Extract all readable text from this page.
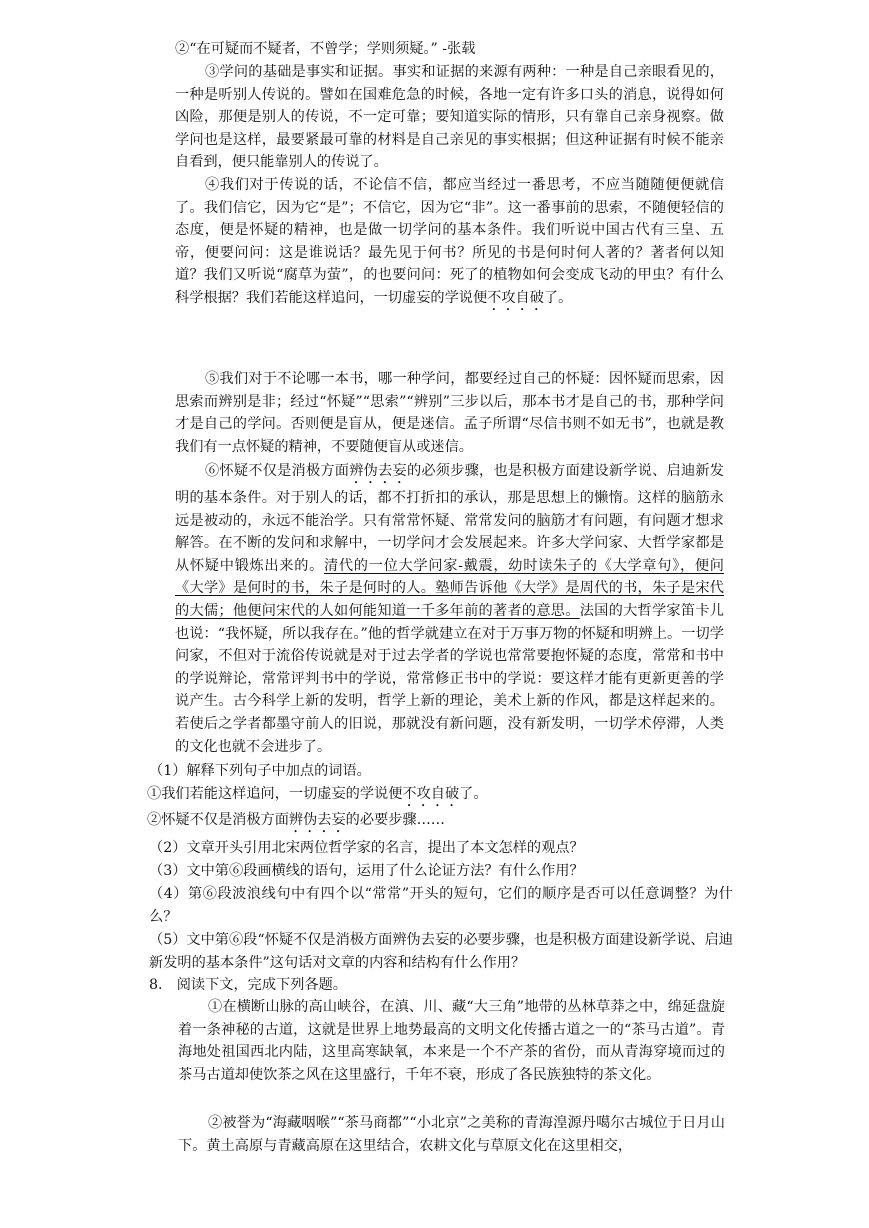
②“在可疑而不疑者，不曾学；学则须疑。” -张载

③学问的基础是事实和证据。事实和证据的来源有两种：一种是自己亲眼看见的，一种是听别人传说的。譬如在国难危急的时候，各地一定有许多口头的消息，说得如何凶险，那便是别人的传说，不一定可靠；要知道实际的情形，只有靠自己亲身视察。做学问也是这样，最要紧最可靠的材料是自己亲见的事实根据；但这种证据有时候不能亲自看到，便只能靠别人的传说了。

④我们对于传说的话，不论信不信，都应当经过一番思考，不应当随随便便就信了。我们信它，因为它“是”；不信它，因为它“非”。这一番事前的思索，不随便轻信的态度，便是怀疑的精神，也是做一切学问的基本条件。我们听说中国古代有三皇、五帝，便要问问：这是谁说话？最先见于何书？所见的书是何时何人著的？著者何以知道？我们又听说“腐草为萤”，的也要问问：死了的植物如何会变成飞动的甲虫？有什么科学根据？我们若能这样追问，一切虚妄的学说便不攻自破了。

⑤我们对于不论哪一本书，哪一种学问，都要经过自己的怀疑：因怀疑而思索，因思索而辨别是非；经过“怀疑”“思索”“辨别”三步以后，那本书才是自己的书，那种学问才是自己的学问。否则便是盲从，便是迷信。孟子所谓“尽信书则不如无书”，也就是教我们有一点怀疑的精神，不要随便盲从或迷信。

⑥怀疑不仅是消极方面辨伪去妄的必须步骤，也是积极方面建设新学说、启迪新发明的基本条件。对于别人的话，都不打折扣的承认，那是思想上的懒惰。这样的脑筋永远是被动的，永远不能治学。只有常常怀疑、常常发问的脑筋才有问题，有问题才想求解答。在不断的发问和求解中，一切学问才会发展起来。许多大学问家、大哲学家都是从怀疑中锻炼出来的。清代的一位大学问家-戴震，幼时读朱子的《大学章句》，便问《大学》是何时的书，朱子是何时的人。塾师告诉他《大学》是周代的书，朱子是宋代的大儒；他便问宋代的人如何能知道一千多年前的著者的意思。法国的大哲学家笛卡儿也说：“我怀疑，所以我存在。”他的哲学就建立在对于万事万物的怀疑和明辨上。一切学问家，不但对于流俗传说就是对于过去学者的学说也常常要抱怀疑的态度，常常和书中的学说辩论，常常评判书中的学说，常常修正书中的学说：要这样才能有更新更善的学说产生。古今科学上新的发明，哲学上新的理论，美术上新的作风，都是这样起来的。若使后之学者都墨守前人的旧说，那就没有新问题，没有新发明，一切学术停滞，人类的文化也就不会进步了。

（1）解释下列句子中加点的词语。

①我们若能这样追问，一切虚妄的学说便不攻自破了。

②怀疑不仅是消极方面辨伪去妄的必要步骤……

（2）文章开头引用北宋两位哲学家的名言，提出了本文怎样的观点？

（3）文中第⑥段画横线的语句，运用了什么论证方法？有什么作用？

（4）第⑥段波浪线句中有四个以“常常”开头的短句，它们的顺序是否可以任意调整？为什么？

（5）文中第⑥段“怀疑不仅是消极方面辨伪去妄的必要步骤，也是积极方面建设新学说、启迪新发明的基本条件”这句话对文章的内容和结构有什么作用？

8.　阅读下文，完成下列各题。

①在横断山脉的高山峡谷，在滇、川、藏“大三角”地带的丛林草莽之中，绵延盘旋着一条神秘的古道，这就是世界上地势最高的文明文化传播古道之一的“茶马古道”。青海地处祖国西北内陆，这里高寒缺氧，本来是一个不产茶的省份，而从青海穿境而过的茶马古道却使饮茶之风在这里盛行，千年不衰，形成了各民族独特的茶文化。

②被誉为“海藏咽喉”“茶马商都”“小北京”之美称的青海湟源丹噶尔古城位于日月山下。黄土高原与青藏高原在这里结合，农耕文化与草原文化在这里相交，
